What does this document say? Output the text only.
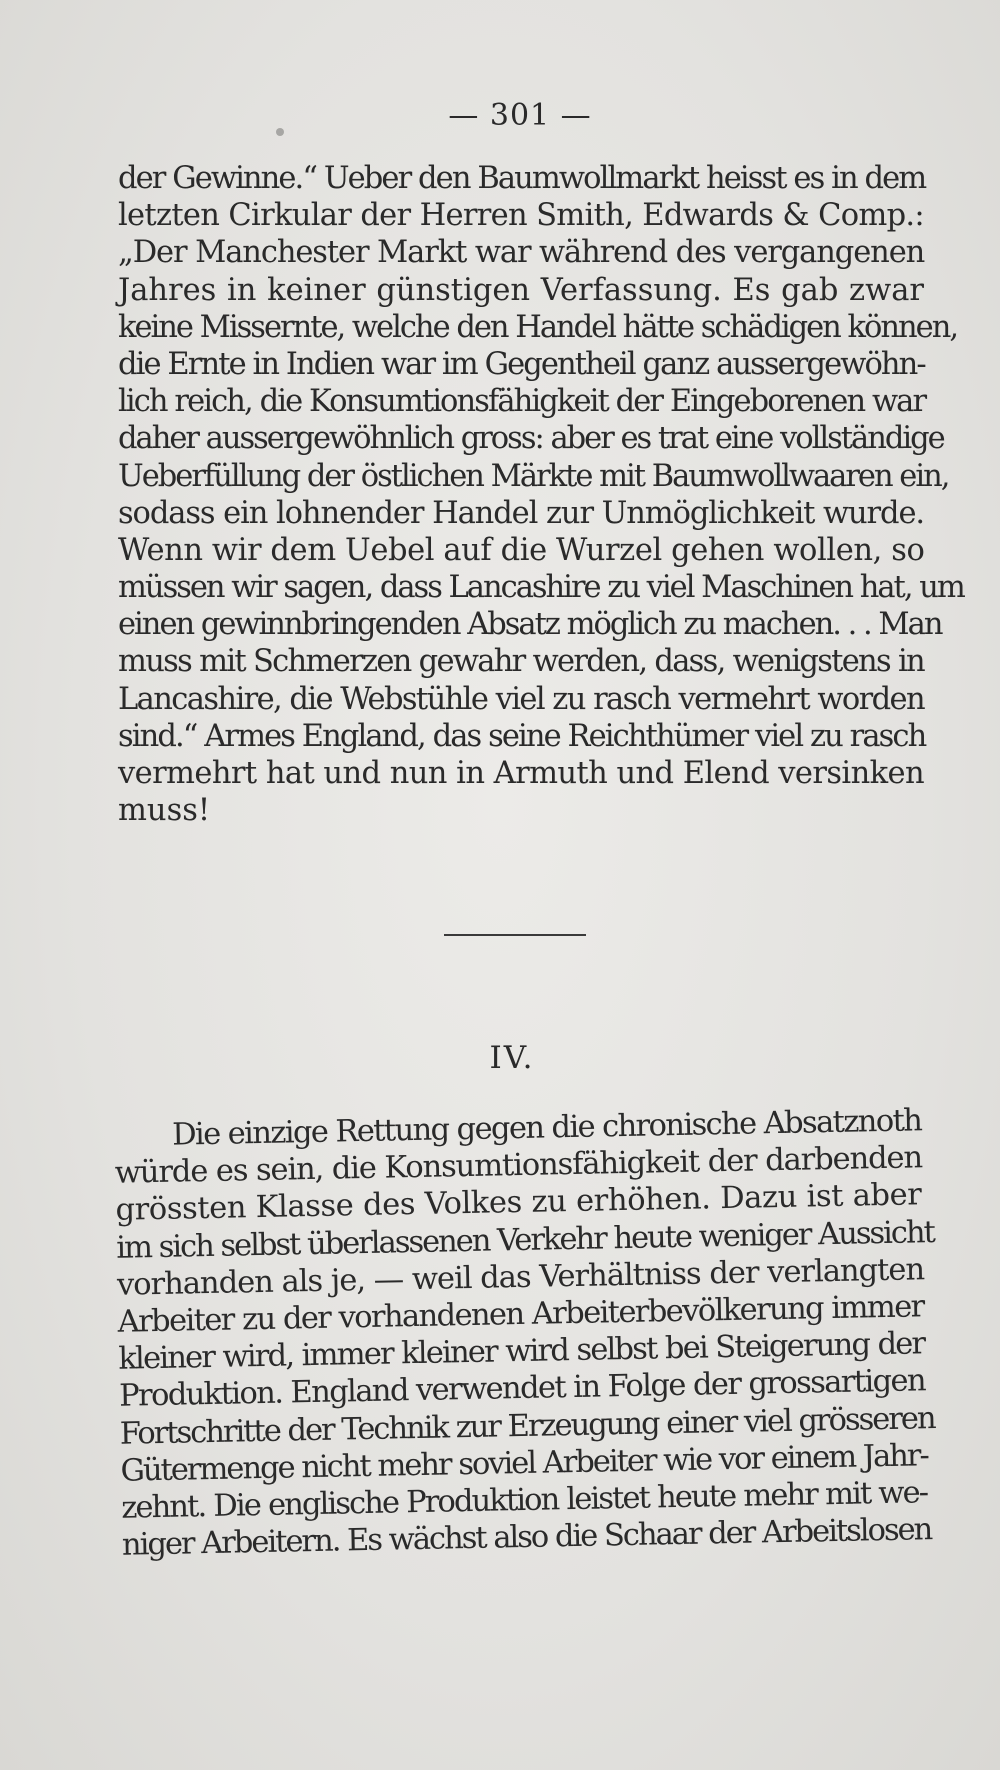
— 301 —
der Gewinne.“ Ueber den Baumwollmarkt heisst es in dem
letzten Cirkular der Herren Smith, Edwards & Comp.:
„Der Manchester Markt war während des vergangenen
Jahres in keiner günstigen Verfassung. Es gab zwar
keine Missernte, welche den Handel hätte schädigen können,
die Ernte in Indien war im Gegentheil ganz aussergewöhn-
lich reich, die Konsumtionsfähigkeit der Eingeborenen war
daher aussergewöhnlich gross: aber es trat eine vollständige
Ueberfüllung der östlichen Märkte mit Baumwollwaaren ein,
sodass ein lohnender Handel zur Unmöglichkeit wurde.
Wenn wir dem Uebel auf die Wurzel gehen wollen, so
müssen wir sagen, dass Lancashire zu viel Maschinen hat, um
einen gewinnbringenden Absatz möglich zu machen. . . Man
muss mit Schmerzen gewahr werden, dass, wenigstens in
Lancashire, die Webstühle viel zu rasch vermehrt worden
sind.“ Armes England, das seine Reichthümer viel zu rasch
vermehrt hat und nun in Armuth und Elend versinken
muss!
IV.
Die einzige Rettung gegen die chronische Absatznoth
würde es sein, die Konsumtionsfähigkeit der darbenden
grössten Klasse des Volkes zu erhöhen. Dazu ist aber
im sich selbst überlassenen Verkehr heute weniger Aussicht
vorhanden als je, — weil das Verhältniss der verlangten
Arbeiter zu der vorhandenen Arbeiterbevölkerung immer
kleiner wird, immer kleiner wird selbst bei Steigerung der
Produktion. England verwendet in Folge der grossartigen
Fortschritte der Technik zur Erzeugung einer viel grösseren
Gütermenge nicht mehr soviel Arbeiter wie vor einem Jahr-
zehnt. Die englische Produktion leistet heute mehr mit we-
niger Arbeitern. Es wächst also die Schaar der Arbeitslosen
